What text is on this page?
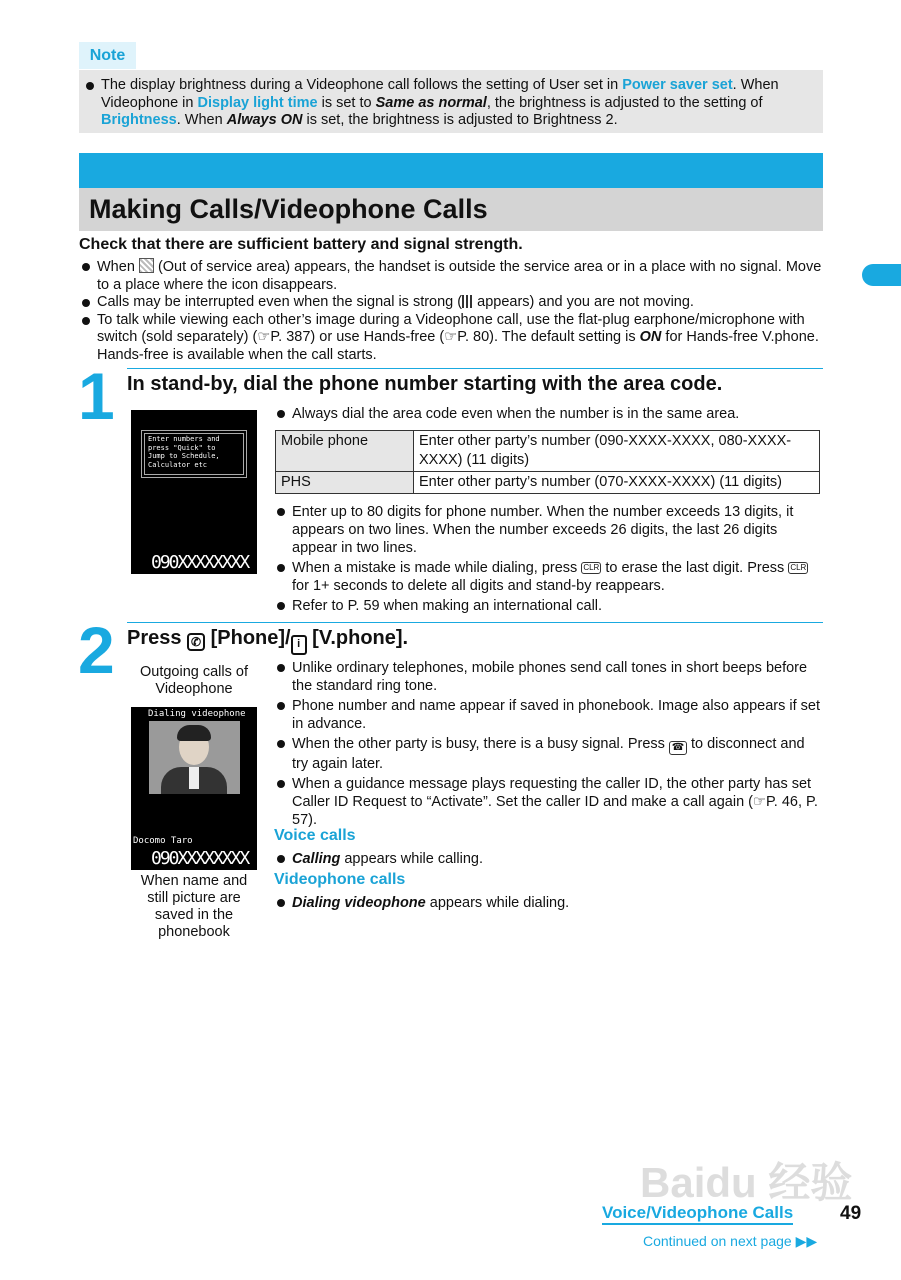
Note
The display brightness during a Videophone call follows the setting of User set in Power saver set. When Videophone in Display light time is set to Same as normal, the brightness is adjusted to the setting of Brightness. When Always ON is set, the brightness is adjusted to Brightness 2.
Making Calls/Videophone Calls
Check that there are sufficient battery and signal strength.

When  (Out of service area) appears, the handset is outside the service area or in a place with no signal. Move to a place where the icon disappears.

Calls may be interrupted even when the signal is strong ( appears) and you are not moving.

To talk while viewing each other’s image during a Videophone call, use the flat-plug earphone/microphone with switch (sold separately) (☞P. 387) or use Hands-free (☞P. 80). The default setting is ON for Hands-free V.phone. Hands-free is available when the call starts.

1 In stand-by, dial the phone number starting with the area code.
Enter numbers and
press "Quick" to
Jump to Schedule,
Calculator etc
090XXXXXXXX

Always dial the area code even when the number is in the same area.

Mobile phone	Enter other party’s number (090-XXXX-XXXX, 080-XXXX-XXXX) (11 digits)
PHS	Enter other party’s number (070-XXXX-XXXX) (11 digits)

Enter up to 80 digits for phone number. When the number exceeds 13 digits, it appears on two lines. When the number exceeds 26 digits, the last 26 digits appear in two lines.

When a mistake is made while dialing, press CLR to erase the last digit. Press CLR for 1+ seconds to delete all digits and stand-by reappears.

Refer to P. 59 when making an international call.

2 Press ✆ [Phone]/ i [V.phone].
Outgoing calls of Videophone
Dialing videophone
Docomo Taro
090XXXXXXXX
When name and still picture are saved in the phonebook

Unlike ordinary telephones, mobile phones send call tones in short beeps before the standard ring tone.

Phone number and name appear if saved in phonebook. Image also appears if set in advance.

When the other party is busy, there is a busy signal. Press ☎ to disconnect and try again later.

When a guidance message plays requesting the caller ID, the other party has set Caller ID Request to “Activate”. Set the caller ID and make a call again (☞P. 46, P. 57).

Voice calls

Calling appears while calling.

Videophone calls

Dialing videophone appears while dialing.

Baidu 经验
Voice/Videophone Calls 49
Continued on next page ▶▶
